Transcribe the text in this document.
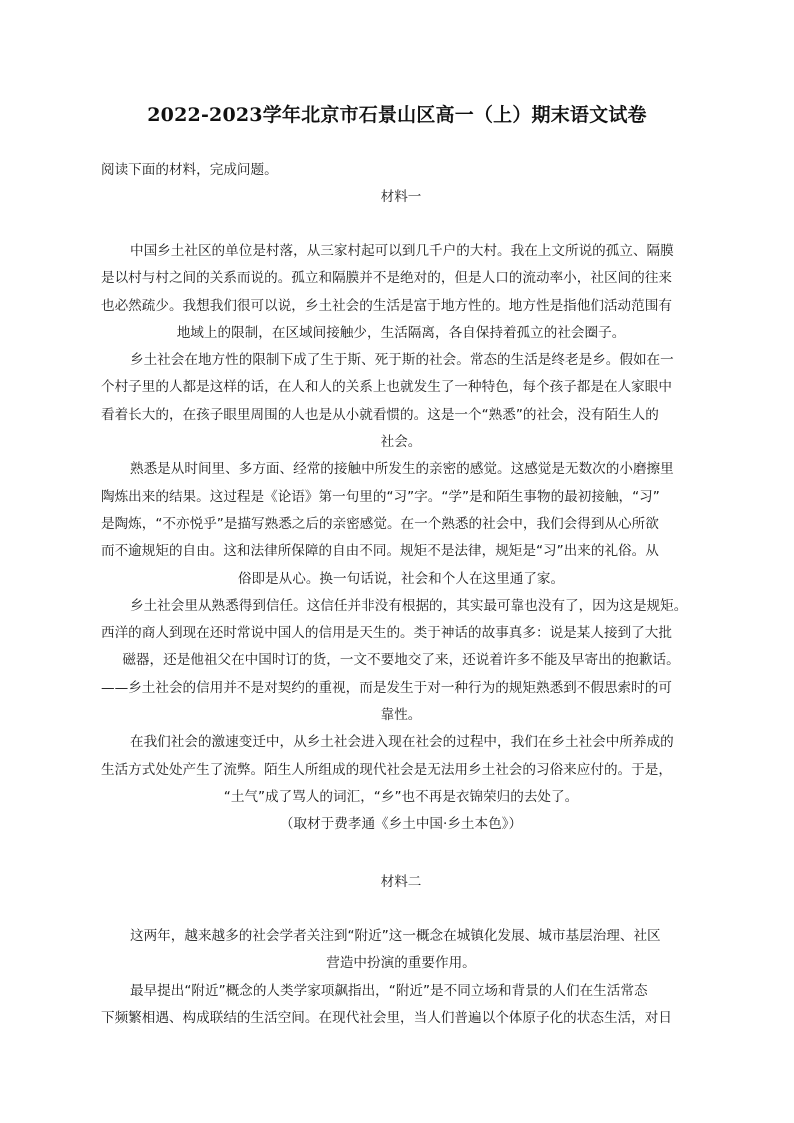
2022-2023学年北京市石景山区高一（上）期末语文试卷
阅读下面的材料，完成问题。
材料一
中国乡土社区的单位是村落，从三家村起可以到几千户的大村。我在上文所说的孤立、隔膜
是以村与村之间的关系而说的。孤立和隔膜并不是绝对的，但是人口的流动率小，社区间的往来
也必然疏少。我想我们很可以说，乡土社会的生活是富于地方性的。地方性是指他们活动范围有
地域上的限制，在区域间接触少，生活隔离，各自保持着孤立的社会圈子。
乡土社会在地方性的限制下成了生于斯、死于斯的社会。常态的生活是终老是乡。假如在一
个村子里的人都是这样的话，在人和人的关系上也就发生了一种特色，每个孩子都是在人家眼中
看着长大的，在孩子眼里周围的人也是从小就看惯的。这是一个“熟悉”的社会，没有陌生人的
社会。
熟悉是从时间里、多方面、经常的接触中所发生的亲密的感觉。这感觉是无数次的小磨擦里
陶炼出来的结果。这过程是《论语》第一句里的“习”字。“学”是和陌生事物的最初接触，“习”
是陶炼，“不亦悦乎”是描写熟悉之后的亲密感觉。在一个熟悉的社会中，我们会得到从心所欲
而不逾规矩的自由。这和法律所保障的自由不同。规矩不是法律，规矩是“习”出来的礼俗。从
俗即是从心。换一句话说，社会和个人在这里通了家。
乡土社会里从熟悉得到信任。这信任并非没有根据的，其实最可靠也没有了，因为这是规矩。
西洋的商人到现在还时常说中国人的信用是天生的。类于神话的故事真多：说是某人接到了大批
磁器，还是他祖父在中国时订的货，一文不要地交了来，还说着许多不能及早寄出的抱歉话。
——乡土社会的信用并不是对契约的重视，而是发生于对一种行为的规矩熟悉到不假思索时的可
靠性。
在我们社会的激速变迁中，从乡土社会进入现在社会的过程中，我们在乡土社会中所养成的
生活方式处处产生了流弊。陌生人所组成的现代社会是无法用乡土社会的习俗来应付的。于是，
“土气”成了骂人的词汇，“乡”也不再是衣锦荣归的去处了。
（取材于费孝通《乡土中国·乡土本色》）
材料二
这两年，越来越多的社会学者关注到“附近”这一概念在城镇化发展、城市基层治理、社区
营造中扮演的重要作用。
最早提出“附近”概念的人类学家项飙指出，“附近”是不同立场和背景的人们在生活常态
下频繁相遇、构成联结的生活空间。在现代社会里，当人们普遍以个体原子化的状态生活，对日
